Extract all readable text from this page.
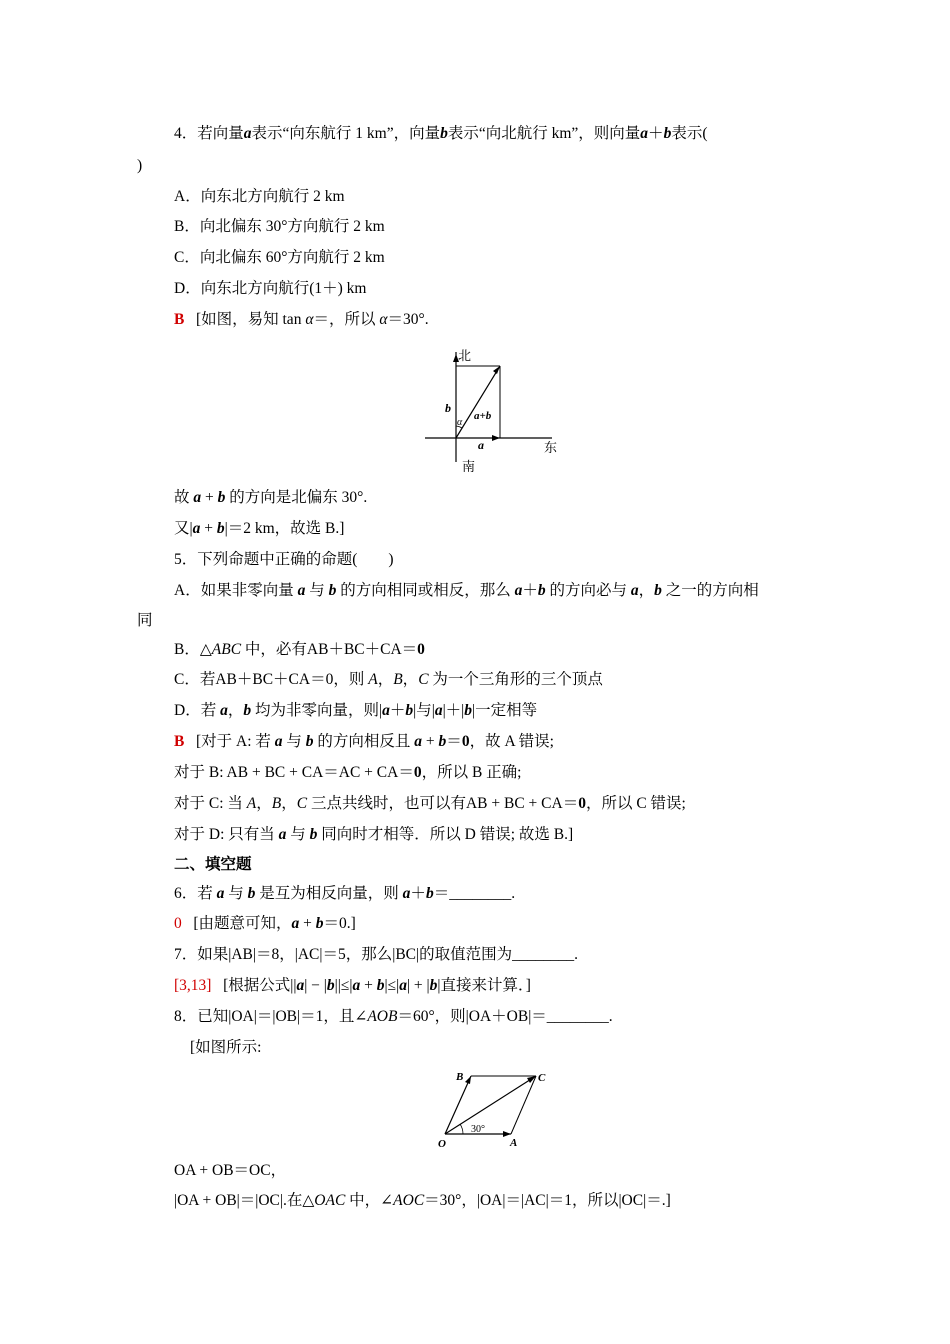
4．若向量a表示“向东航行 1 km”，向量b表示“向北航行 km”，则向量a＋b表示(
)
A．向东北方向航行 2 km
B．向北偏东 30°方向航行 2 km
C．向北偏东 60°方向航行 2 km
D．向东北方向航行(1＋) km
B [如图，易知 tan α＝，所以 α＝30°.
北
南
东
b
a+b
a
α
故 a + b 的方向是北偏东 30°.
又|a + b|＝2 km，故选 B.]
5．下列命题中正确的命题(　　)
A．如果非零向量 a 与 b 的方向相同或相反，那么 a＋b 的方向必与 a，b 之一的方向相
同
B．△ABC 中，必有AB＋BC＋CA＝0
C．若AB＋BC＋CA＝0，则 A，B，C 为一个三角形的三个顶点
D．若 a，b 均为非零向量，则|a＋b|与|a|＋|b|一定相等
B [对于 A: 若 a 与 b 的方向相反且 a + b＝0，故 A 错误;
对于 B: AB + BC + CA＝AC + CA＝0，所以 B 正确;
对于 C: 当 A，B，C 三点共线时，也可以有AB + BC + CA＝0，所以 C 错误;
对于 D: 只有当 a 与 b 同向时才相等．所以 D 错误; 故选 B.]
二、填空题
6．若 a 与 b 是互为相反向量，则 a＋b＝________.
0 [由题意可知，a + b＝0.]
7．如果|AB|＝8，|AC|＝5，那么|BC|的取值范围为________.
[3,13] [根据公式||a| − |b||≤|a + b|≤|a| + |b|直接来计算．]
8．已知|OA|＝|OB|＝1，且∠AOB＝60°，则|OA＋OB|＝________.
[如图所示:
B	C
O	A
30°
OA + OB＝OC，
|OA + OB|＝|OC|.在△OAC 中，∠AOC＝30°，|OA|＝|AC|＝1，所以|OC|＝.]
